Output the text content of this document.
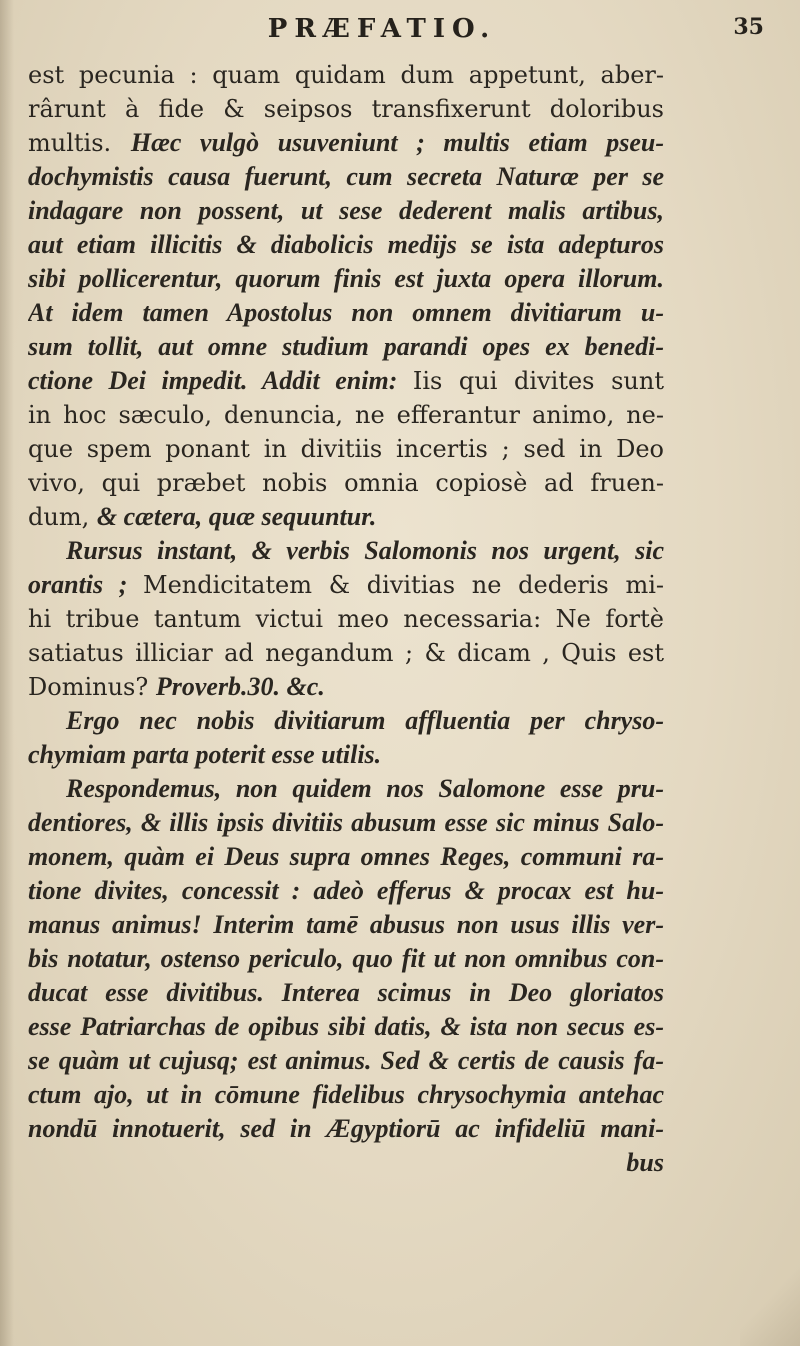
PRÆFATIO.	35
est pecunia : quam quidam dum appetunt, aber-
rârunt à fide & seipsos transfixerunt doloribus
multis. Hæc vulgò usuveniunt ; multis etiam pseu-
dochymistis causa fuerunt, cum secreta Naturæ per se
indagare non possent, ut sese dederent malis artibus,
aut etiam illicitis & diabolicis medijs se ista adepturos
sibi pollicerentur, quorum finis est juxta opera illorum.
At idem tamen Apostolus non omnem divitiarum u-
sum tollit, aut omne studium parandi opes ex benedi-
ctione Dei impedit. Addit enim: Iis qui divites sunt
in hoc sæculo, denuncia, ne efferantur animo, ne-
que spem ponant in divitiis incertis ; sed in Deo
vivo, qui præbet nobis omnia copiosè ad fruen-
dum, & cætera, quæ sequuntur.
Rursus instant, & verbis Salomonis nos urgent, sic
orantis ; Mendicitatem & divitias ne dederis mi-
hi tribue tantum victui meo necessaria: Ne fortè
satiatus illiciar ad negandum ; & dicam , Quis est
Dominus? Proverb.30. &c.
Ergo nec nobis divitiarum affluentia per chryso-
chymiam parta poterit esse utilis.
Respondemus, non quidem nos Salomone esse pru-
dentiores, & illis ipsis divitiis abusum esse sic minus Salo-
monem, quàm ei Deus supra omnes Reges, communi ra-
tione divites, concessit : adeò efferus & procax est hu-
manus animus! Interim tamē abusus non usus illis ver-
bis notatur, ostenso periculo, quo fit ut non omnibus con-
ducat esse divitibus. Interea scimus in Deo gloriatos
esse Patriarchas de opibus sibi datis, & ista non secus es-
se quàm ut cujusq; est animus. Sed & certis de causis fa-
ctum ajo, ut in cōmune fidelibus chrysochymia antehac
nondū innotuerit, sed in Ægyptiorū ac infideliū mani-
bus
